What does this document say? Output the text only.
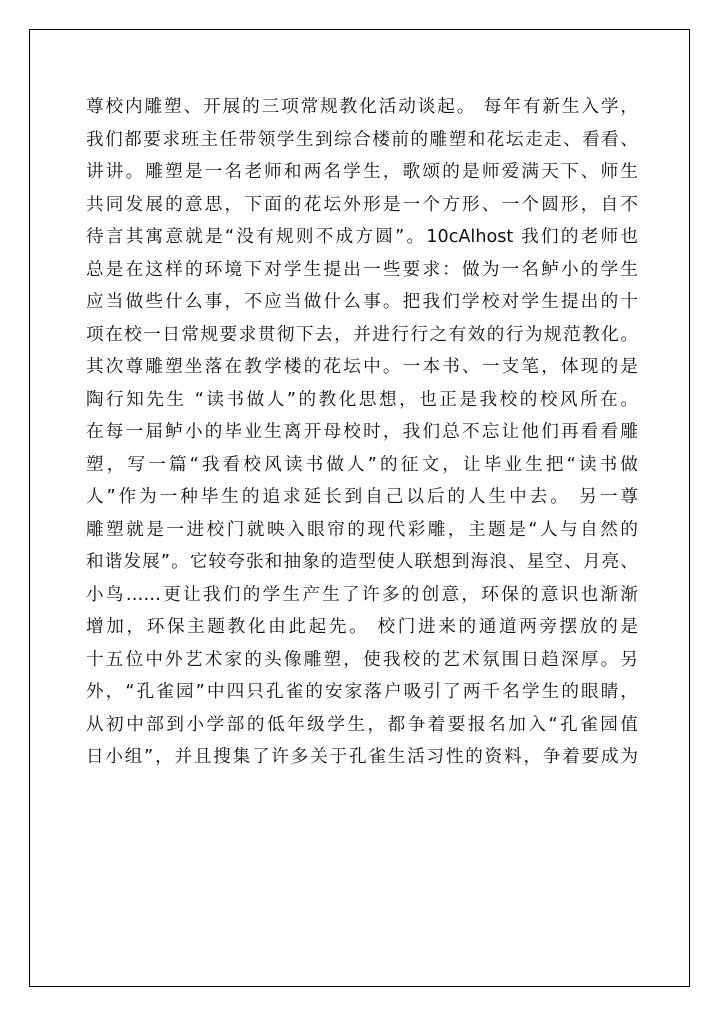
尊校内雕塑、开展的三项常规教化活动谈起。 每年有新生入学，
我们都要求班主任带领学生到综合楼前的雕塑和花坛走走、看看、
讲讲。雕塑是一名老师和两名学生，歌颂的是师爱满天下、师生
共同发展的意思，下面的花坛外形是一个方形、一个圆形，自不
待言其寓意就是“没有规则不成方圆”。10cAlhost 我们的老师也
总是在这样的环境下对学生提出一些要求：做为一名鲈小的学生
应当做些什么事，不应当做什么事。把我们学校对学生提出的十
项在校一日常规要求贯彻下去，并进行行之有效的行为规范教化。
其次尊雕塑坐落在教学楼的花坛中。一本书、一支笔，体现的是
陶行知先生 “读书做人”的教化思想，也正是我校的校风所在。
在每一届鲈小的毕业生离开母校时，我们总不忘让他们再看看雕
塑，写一篇“我看校风读书做人”的征文，让毕业生把“读书做
人”作为一种毕生的追求延长到自己以后的人生中去。 另一尊
雕塑就是一进校门就映入眼帘的现代彩雕，主题是“人与自然的
和谐发展”。它较夸张和抽象的造型使人联想到海浪、星空、月亮、
小鸟……更让我们的学生产生了许多的创意，环保的意识也渐渐
增加，环保主题教化由此起先。 校门进来的通道两旁摆放的是
十五位中外艺术家的头像雕塑，使我校的艺术氛围日趋深厚。另
外，“孔雀园”中四只孔雀的安家落户吸引了两千名学生的眼睛，
从初中部到小学部的低年级学生，都争着要报名加入“孔雀园值
日小组”，并且搜集了许多关于孔雀生活习性的资料，争着要成为
